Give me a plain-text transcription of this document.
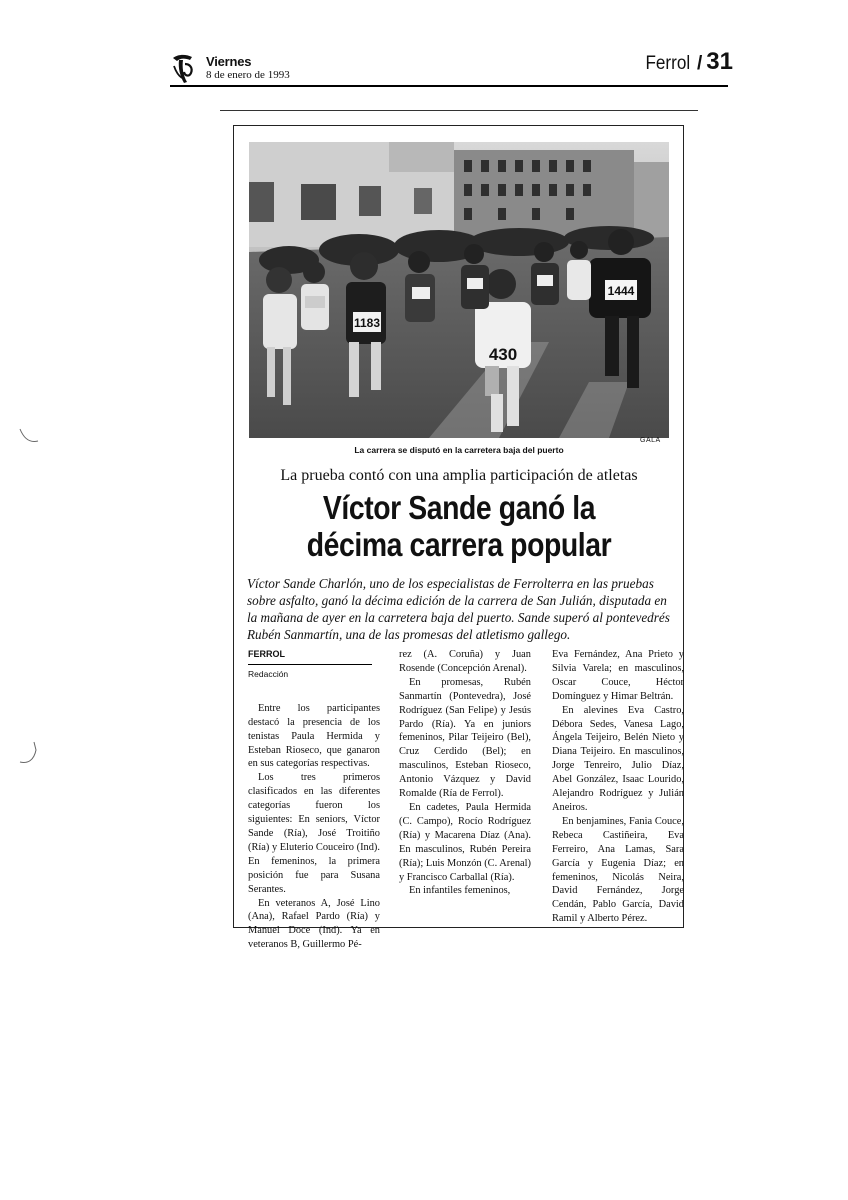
Viernes
8 de enero de 1993
Ferrol / 31
1183
430
1444
GALA
La carrera se disputó en la carretera baja del puerto
La prueba contó con una amplia participación de atletas
Víctor Sande ganó la
décima carrera popular
Víctor Sande Charlón, uno de los especialistas de Ferrolterra en las pruebas sobre asfalto, ganó la décima edición de la carrera de San Julián, disputada en la mañana de ayer en la carretera baja del puerto. Sande superó al pontevedrés Rubén Sanmartín, una de las promesas del atletismo gallego.
FERROL
Redacción

Entre los participantes destacó la presencia de los tenistas Paula Hermida y Esteban Rioseco, que ganaron en sus categorías respectivas.

Los tres primeros clasificados en las diferentes categorías fueron los siguientes: En seniors, Víctor Sande (Ría), José Troitiño (Ría) y Eluterio Couceiro (Ind). En femeninos, la primera posición fue para Susana Serantes.

En veteranos A, José Lino (Ana), Rafael Pardo (Ría) y Manuel Doce (Ind). Ya en veteranos B, Guillermo Pé-

rez (A. Coruña) y Juan Rosende (Concepción Arenal).

En promesas, Rubén Sanmartín (Pontevedra), José Rodríguez (San Felipe) y Jesús Pardo (Ría). Ya en juniors femeninos, Pilar Teijeiro (Bel), Cruz Cerdido (Bel); en masculinos, Esteban Rioseco, Antonio Vázquez y David Romalde (Ría de Ferrol).

En cadetes, Paula Hermida (C. Campo), Rocío Rodríguez (Ría) y Macarena Díaz (Ana). En masculinos, Rubén Pereira (Ría); Luis Monzón (C. Arenal) y Francisco Carballal (Ría).

En infantiles femeninos,

Eva Fernández, Ana Prieto y Silvia Varela; en masculinos, Oscar Couce, Héctor Domínguez y Himar Beltrán.

En alevines Eva Castro, Débora Sedes, Vanesa Lago, Ángela Teijeiro, Belén Nieto y Diana Teijeiro. En masculinos, Jorge Tenreiro, Julio Díaz, Abel González, Isaac Lourido, Alejandro Rodríguez y Julián Aneiros.

En benjamines, Fania Couce, Rebeca Castiñeira, Eva Ferreiro, Ana Lamas, Sara García y Eugenia Díaz; en femeninos, Nicolás Neira, David Fernández, Jorge Cendán, Pablo García, David Ramil y Alberto Pérez.
